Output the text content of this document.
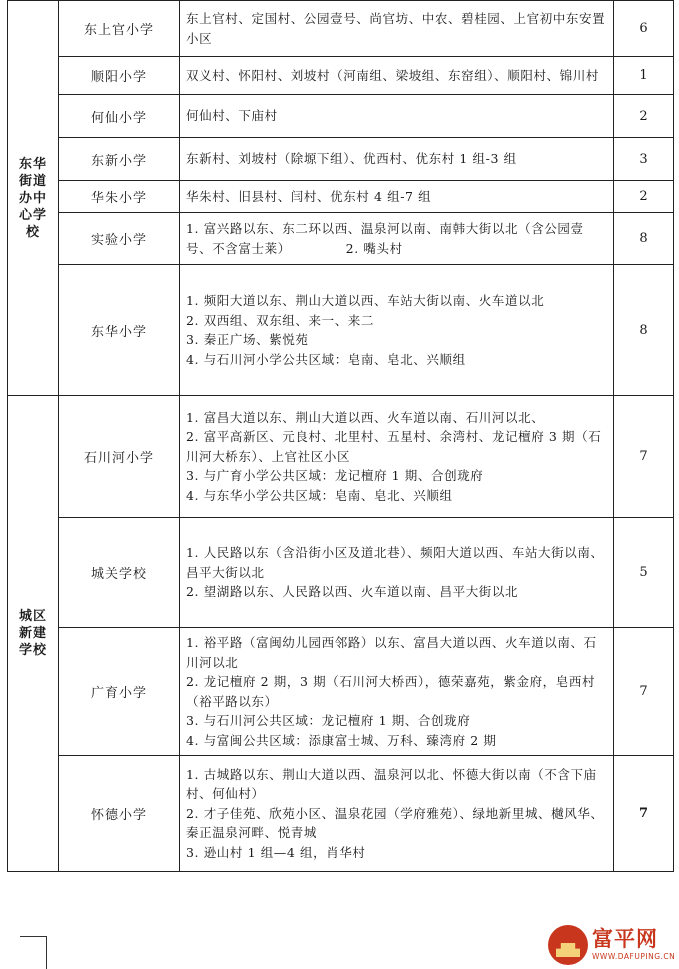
东华街道办中心学校	东上官小学	东上官村、定国村、公园壹号、尚官坊、中农、碧桂园、上官初中东安置小区	6
	顺阳小学	双义村、怀阳村、刘坡村（河南组、梁坡组、东窑组）、顺阳村、锦川村	1
	何仙小学	何仙村、下庙村	2
	东新小学	东新村、刘坡村（除塬下组）、优西村、优东村 1 组-3 组	3
	华朱小学	华朱村、旧县村、闫村、优东村 4 组-7 组	2
	实验小学	1. 富兴路以东、东二环以西、温泉河以南、南韩大街以北（含公园壹号、不含富士莱）            2. 嘴头村	8
	东华小学	1. 频阳大道以东、荆山大道以西、车站大街以南、火车道以北
2. 双西组、双东组、来一、来二
3. 秦正广场、紫悦苑
4. 与石川河小学公共区域：皂南、皂北、兴顺组	8
城区新建学校	石川河小学	1. 富昌大道以东、荆山大道以西、火车道以南、石川河以北、
2. 富平高新区、元良村、北里村、五星村、余湾村、龙记檀府 3 期（石川河大桥东）、上官社区小区
3. 与广育小学公共区域：龙记檀府 1 期、合创珑府
4. 与东华小学公共区域：皂南、皂北、兴顺组	7
	城关学校	1. 人民路以东（含沿街小区及道北巷）、频阳大道以西、车站大街以南、昌平大街以北
2. 望湖路以东、人民路以西、火车道以南、昌平大街以北	5
	广育小学	1. 裕平路（富闽幼儿园西邻路）以东、富昌大道以西、火车道以南、石川河以北
2. 龙记檀府 2 期，3 期（石川河大桥西），德荣嘉苑，紫金府，皂西村（裕平路以东）
3. 与石川河公共区域：龙记檀府 1 期、合创珑府
4. 与富闽公共区域：添康富士城、万科、臻湾府 2 期	7
	怀德小学	1. 古城路以东、荆山大道以西、温泉河以北、怀德大街以南（不含下庙村、何仙村）
2. 才子佳苑、欣苑小区、温泉花园（学府雅苑）、绿地新里城、樾风华、秦正温泉河畔、悦青城
3. 逊山村 1 组—4 组，肖华村	7
富平网
WWW.DAFUPING.CN
